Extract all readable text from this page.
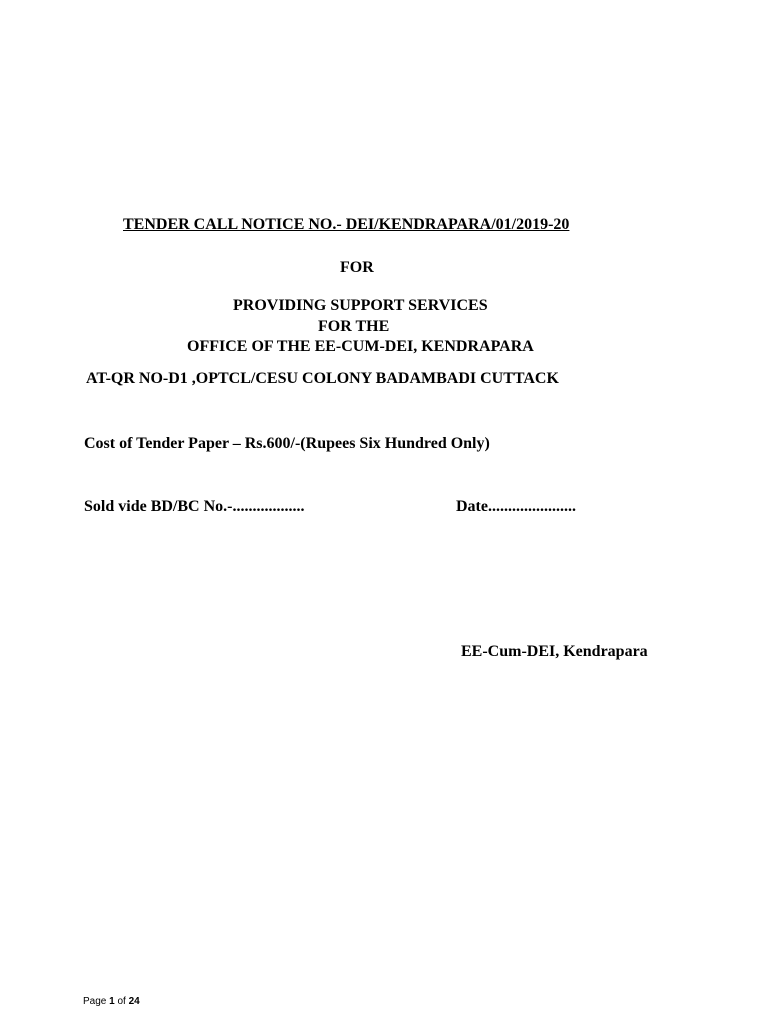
TENDER CALL NOTICE NO.- DEI/KENDRAPARA/01/2019-20
FOR
PROVIDING SUPPORT SERVICES
FOR THE
OFFICE OF THE EE-CUM-DEI, KENDRAPARA
AT-QR NO-D1 ,OPTCL/CESU COLONY BADAMBADI CUTTACK
Cost of Tender Paper – Rs.600/-(Rupees Six Hundred Only)
Sold vide BD/BC No.-..................	Date......................
EE-Cum-DEI, Kendrapara
Page 1 of 24
